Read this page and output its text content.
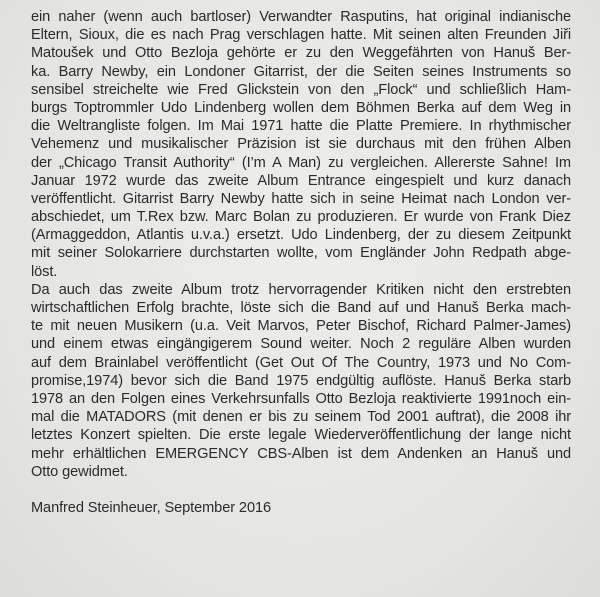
ein naher (wenn auch bartloser) Verwandter Rasputins, hat original indianische
Eltern, Sioux, die es nach Prag verschlagen hatte. Mit seinen alten Freunden Jiři
Matoušek und Otto Bezloja gehörte er zu den Weggefährten von Hanuš Ber-
ka. Barry Newby, ein Londoner Gitarrist, der die Seiten seines Instruments so
sensibel streichelte wie Fred Glickstein von den „Flock“ und schließlich Ham-
burgs Toptrommler Udo Lindenberg wollen dem Böhmen Berka auf dem Weg in
die Weltrangliste folgen. Im Mai 1971 hatte die Platte Premiere. In rhythmischer
Vehemenz und musikalischer Präzision ist sie durchaus mit den frühen Alben
der „Chicago Transit Authority“ (I’m A Man) zu vergleichen. Allererste Sahne! Im
Januar 1972 wurde das zweite Album Entrance eingespielt und kurz danach
veröffentlicht. Gitarrist Barry Newby hatte sich in seine Heimat nach London ver-
abschiedet, um T.Rex bzw. Marc Bolan zu produzieren. Er wurde von Frank Diez
(Armaggeddon, Atlantis u.v.a.) ersetzt. Udo Lindenberg, der zu diesem Zeitpunkt
mit seiner Solokarriere durchstarten wollte, vom Engländer John Redpath abge-
löst.
Da auch das zweite Album trotz hervorragender Kritiken nicht den erstrebten
wirtschaftlichen Erfolg brachte, löste sich die Band auf und Hanuš Berka mach-
te mit neuen Musikern (u.a. Veit Marvos, Peter Bischof, Richard Palmer-James)
und einem etwas eingängigerem Sound weiter. Noch 2 reguläre Alben wurden
auf dem Brainlabel veröffentlicht (Get Out Of The Country, 1973 und No Com-
promise,1974) bevor sich die Band 1975 endgültig auflöste. Hanuš Berka starb
1978 an den Folgen eines Verkehrsunfalls Otto Bezloja reaktivierte 1991noch ein-
mal die MATADORS (mit denen er bis zu seinem Tod 2001 auftrat), die 2008 ihr
letztes Konzert spielten. Die erste legale Wiederveröffentlichung der lange nicht
mehr erhältlichen EMERGENCY CBS-Alben ist dem Andenken an Hanuš und
Otto gewidmet.
Manfred Steinheuer, September 2016
